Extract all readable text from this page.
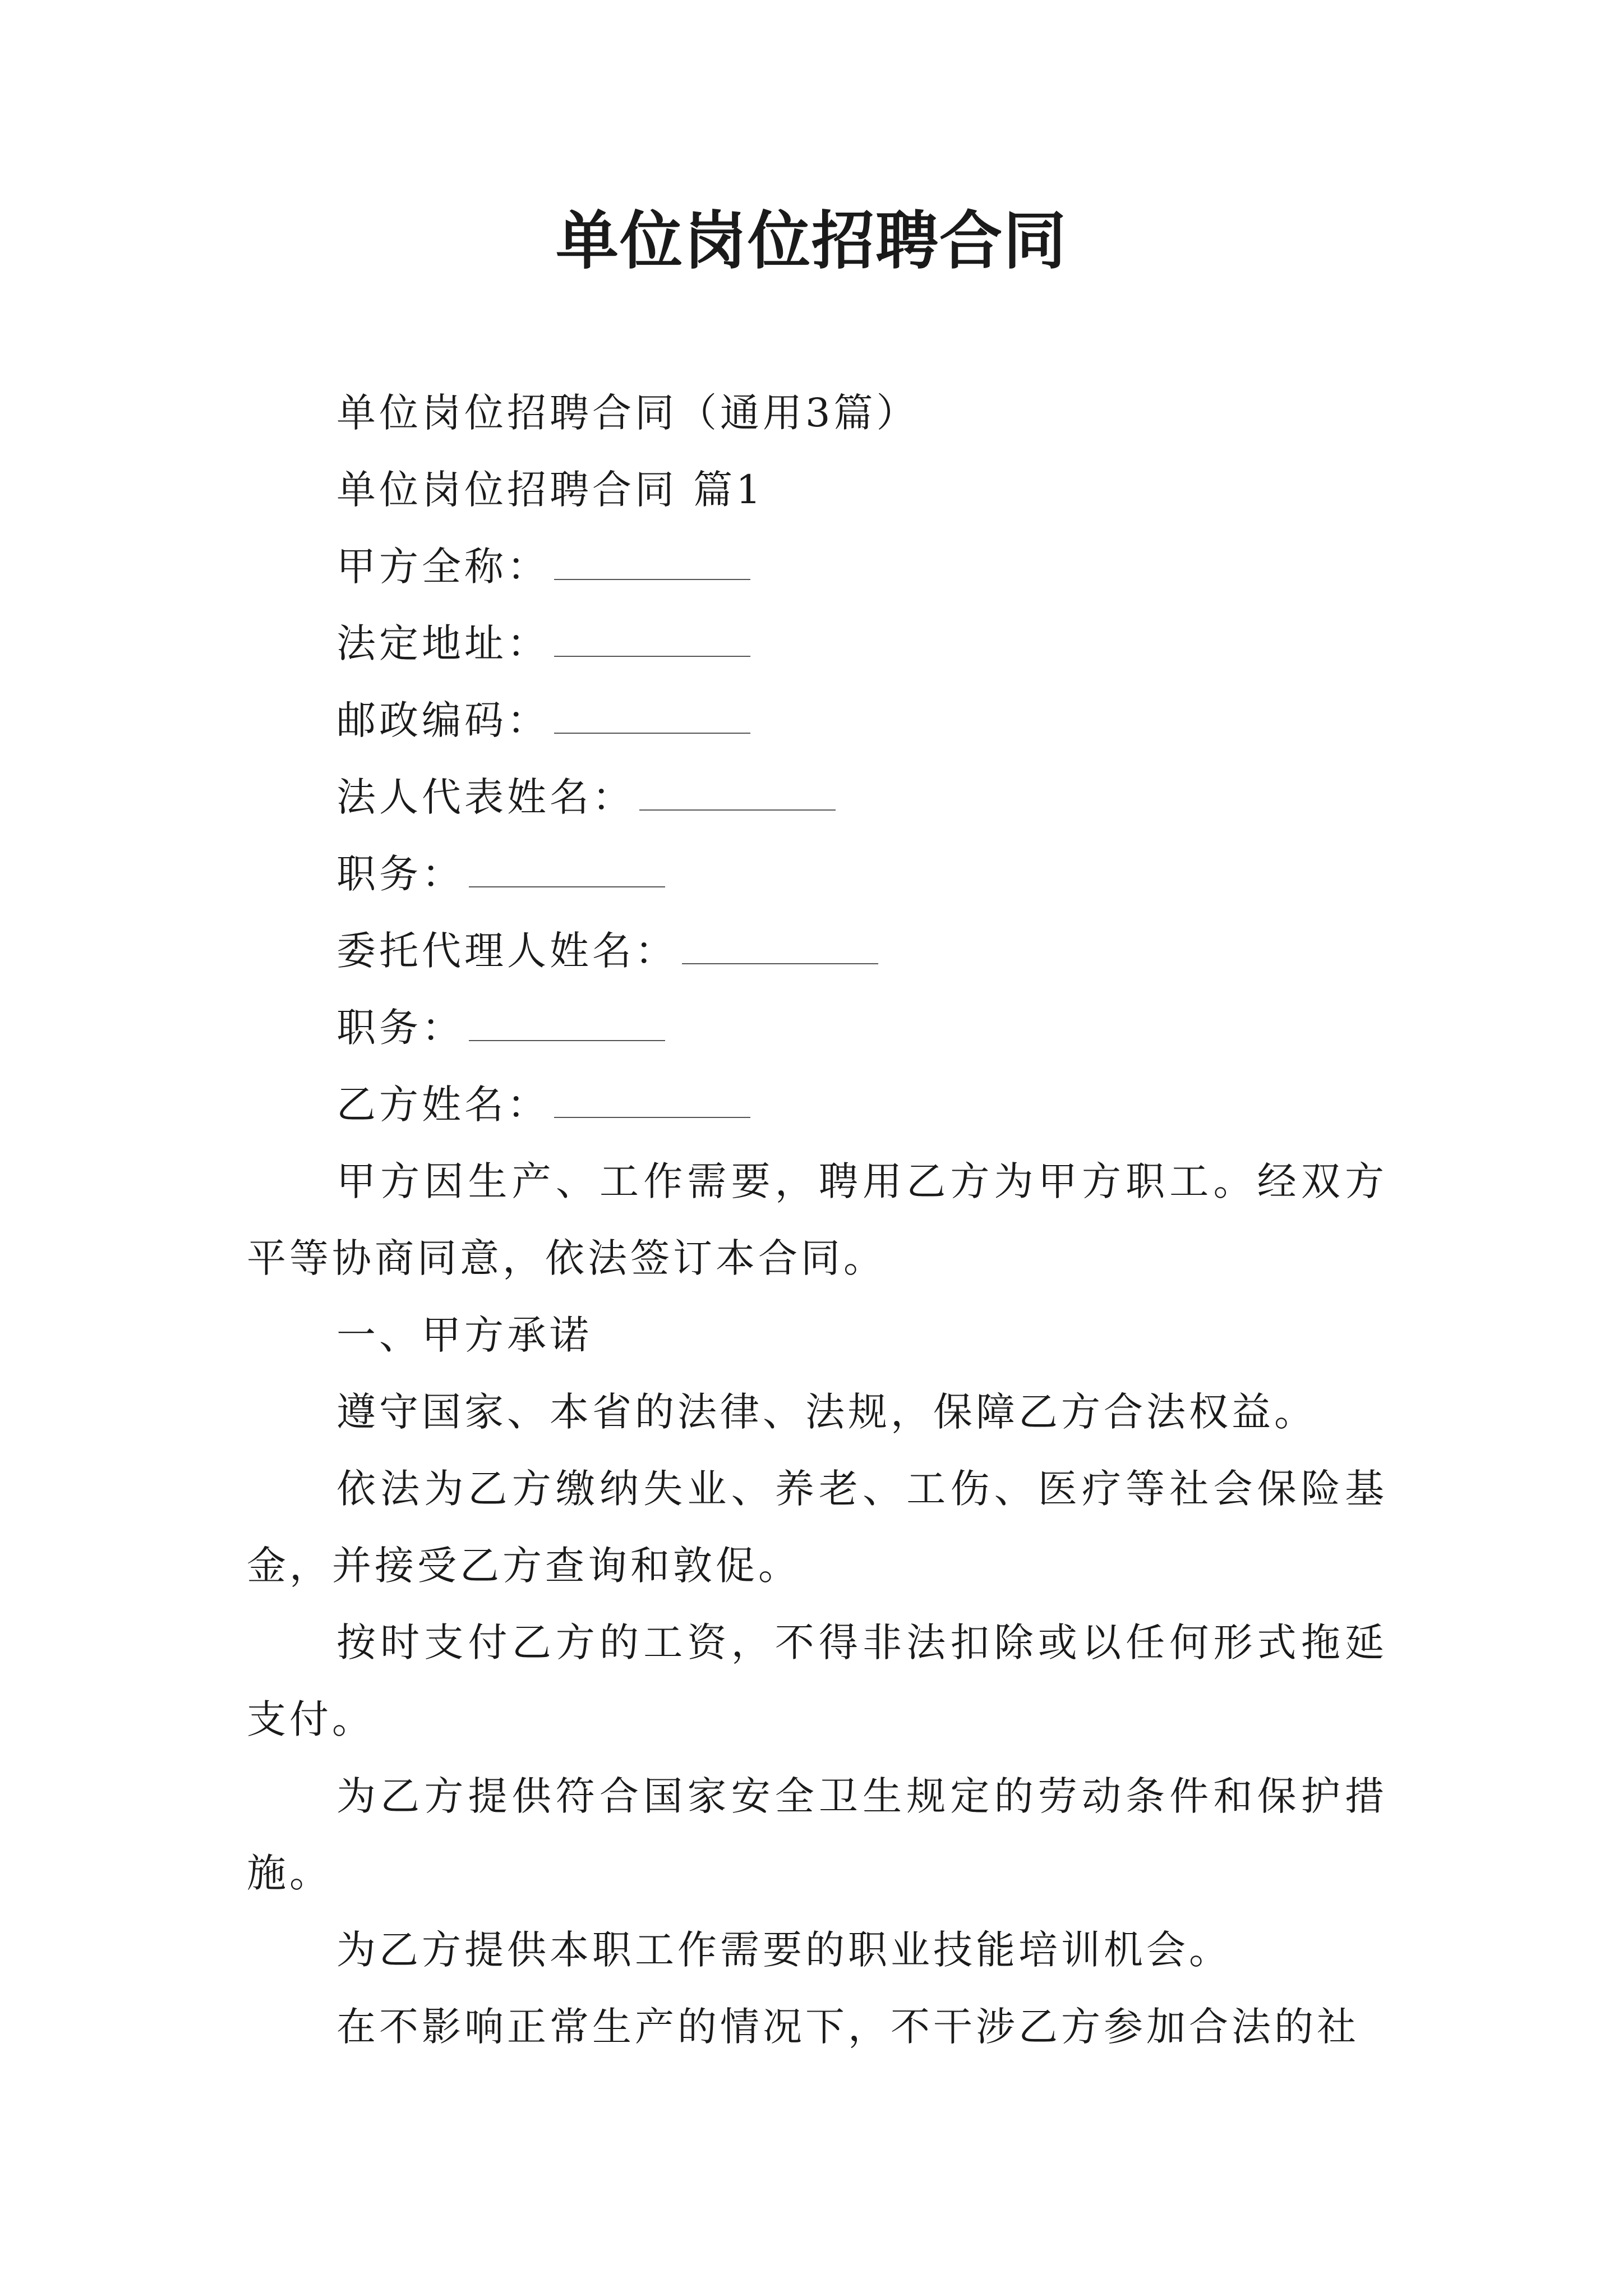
单位岗位招聘合同

单位岗位招聘合同（通用3篇）

单位岗位招聘合同 篇1

甲方全称：

法定地址：

邮政编码：

法人代表姓名：

职务：

委托代理人姓名：

职务：

乙方姓名：

甲方因生产、工作需要，聘用乙方为甲方职工。经双方平等协商同意，依法签订本合同。

一、甲方承诺

遵守国家、本省的法律、法规，保障乙方合法权益。

依法为乙方缴纳失业、养老、工伤、医疗等社会保险基金，并接受乙方查询和敦促。

按时支付乙方的工资，不得非法扣除或以任何形式拖延支付。

为乙方提供符合国家安全卫生规定的劳动条件和保护措施。

为乙方提供本职工作需要的职业技能培训机会。

在不影响正常生产的情况下，不干涉乙方参加合法的社
